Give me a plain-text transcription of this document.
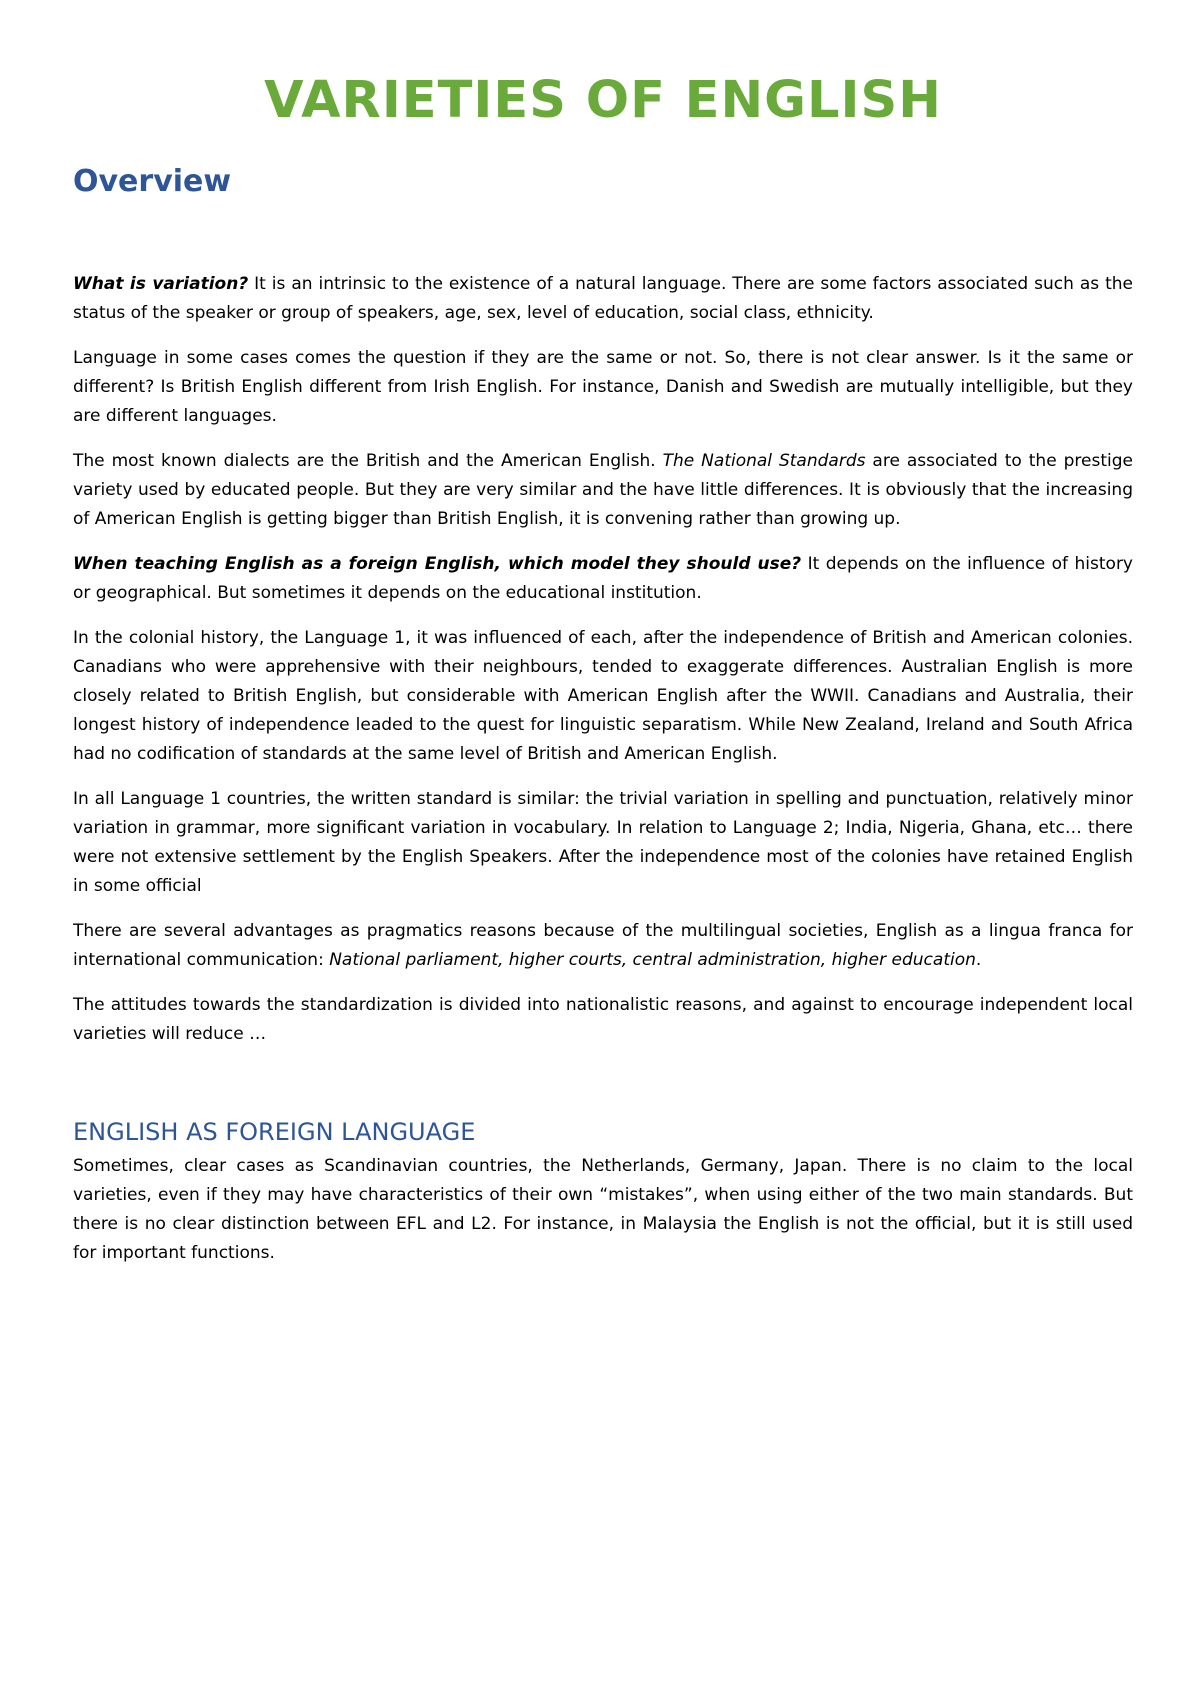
VARIETIES OF ENGLISH
Overview

What is variation? It is an intrinsic to the existence of a natural language. There are some factors associated such as the status of the speaker or group of speakers, age, sex, level of education, social class, ethnicity.

Language in some cases comes the question if they are the same or not. So, there is not clear answer. Is it the same or different? Is British English different from Irish English. For instance, Danish and Swedish are mutually intelligible, but they are different languages.

The most known dialects are the British and the American English. The National Standards are associated to the prestige variety used by educated people. But they are very similar and the have little differences. It is obviously that the increasing of American English is getting bigger than British English, it is convening rather than growing up.

When teaching English as a foreign English, which model they should use? It depends on the influence of history or geographical. But sometimes it depends on the educational institution.

In the colonial history, the Language 1, it was influenced of each, after the independence of British and American colonies. Canadians who were apprehensive with their neighbours, tended to exaggerate differences. Australian English is more closely related to British English, but considerable with American English after the WWII. Canadians and Australia, their longest history of independence leaded to the quest for linguistic separatism. While New Zealand, Ireland and South Africa had no codification of standards at the same level of British and American English.

In all Language 1 countries, the written standard is similar: the trivial variation in spelling and punctuation, relatively minor variation in grammar, more significant variation in vocabulary. In relation to Language 2; India, Nigeria, Ghana, etc… there were not extensive settlement by the English Speakers. After the independence most of the colonies have retained English in some official

There are several advantages as pragmatics reasons because of the multilingual societies, English as a lingua franca for international communication: National parliament, higher courts, central administration, higher education.

The attitudes towards the standardization is divided into nationalistic reasons, and against to encourage independent local varieties will reduce …

ENGLISH AS FOREIGN LANGUAGE

Sometimes, clear cases as Scandinavian countries, the Netherlands, Germany, Japan. There is no claim to the local varieties, even if they may have characteristics of their own “mistakes”, when using either of the two main standards. But there is no clear distinction between EFL and L2. For instance, in Malaysia the English is not the official, but it is still used for important functions.
